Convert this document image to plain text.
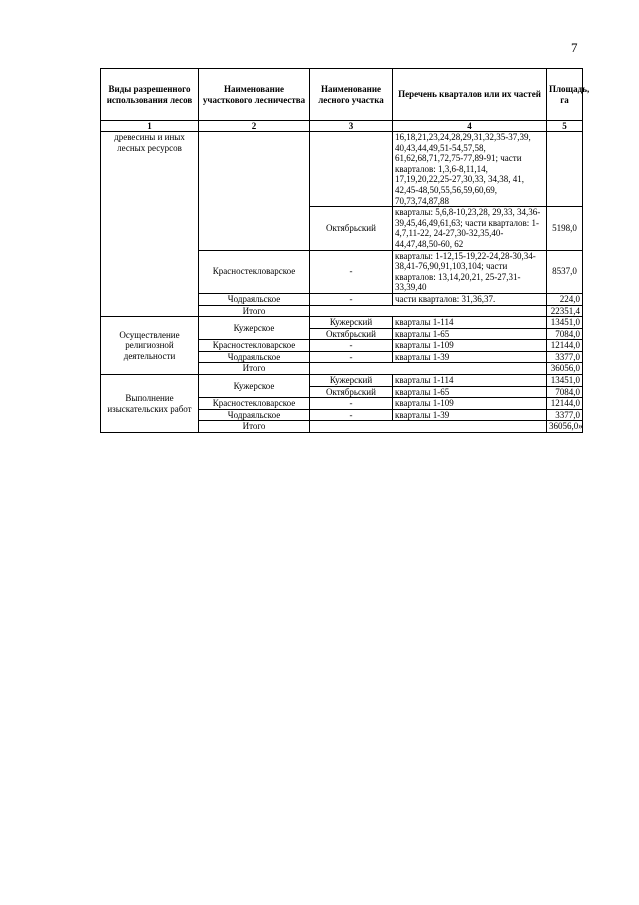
7
Виды разрешенного использования лесов	Наименование участкового лесничества	Наименование лесного участка	Перечень кварталов или их частей	Площадь, га
1	2	3	4	5
древесины и иных лесных ресурсов			16,18,21,23,24,28,29,31,32,35-37,39, 40,43,44,49,51-54,57,58, 61,62,68,71,72,75-77,89-91; части кварталов: 1,3,6-8,11,14, 17,19,20,22,25-27,30,33, 34,38, 41, 42,45-48,50,55,56,59,60,69, 70,73,74,87,88	
		Октябрьский	кварталы: 5,6,8-10,23,28, 29,33, 34,36-39,45,46,49,61,63; части кварталов: 1-4,7,11-22, 24-27,30-32,35,40-44,47,48,50-60, 62	5198,0
	Красностекловарское	-	кварталы: 1-12,15-19,22-24,28-30,34-38,41-76,90,91,103,104; части кварталов: 13,14,20,21, 25-27,31-33,39,40	8537,0
	Чодраяльское	-	части кварталов: 31,36,37.	224,0
	Итого			22351,4
Осуществление религиозной деятельности	Кужерское	Кужерский	кварталы 1-114	13451,0
		Октябрьский	кварталы 1-65	7084,0
	Красностекловарское	-	кварталы 1-109	12144,0
	Чодраяльское	-	кварталы 1-39	3377,0
	Итого			36056,0
Выполнение изыскательских работ	Кужерское	Кужерский	кварталы 1-114	13451,0
		Октябрьский	кварталы 1-65	7084,0
	Красностекловарское	-	кварталы 1-109	12144,0
	Чодраяльское	-	кварталы 1-39	3377,0
	Итого			36056,0»
